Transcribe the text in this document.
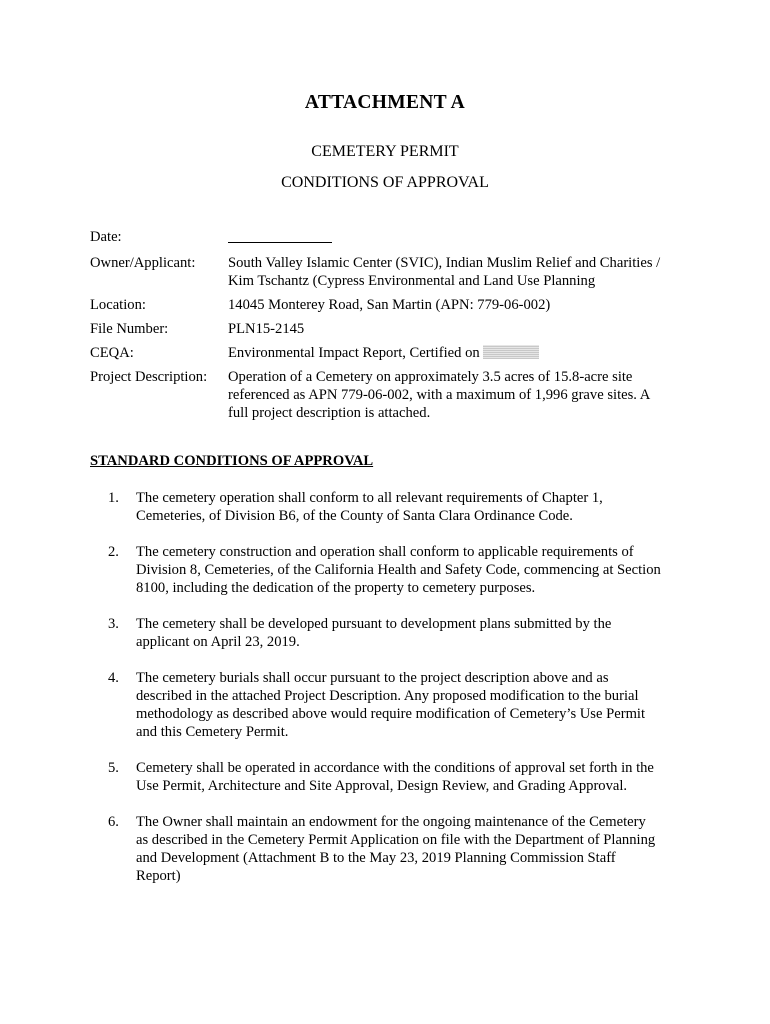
ATTACHMENT A
CEMETERY PERMIT
CONDITIONS OF APPROVAL
Date:
Owner/Applicant:	South Valley Islamic Center (SVIC), Indian Muslim Relief and Charities /
Kim Tschantz (Cypress Environmental and Land Use Planning
Location:	14045 Monterey Road, San Martin (APN: 779-06-002)
File Number:	PLN15-2145
CEQA:	Environmental Impact Report, Certified on
Project Description:	Operation of a Cemetery on approximately 3.5 acres of 15.8-acre site
referenced as APN 779-06-002, with a maximum of 1,996 grave sites. A
full project description is attached.
STANDARD CONDITIONS OF APPROVAL
1.	The cemetery operation shall conform to all relevant requirements of Chapter 1,
Cemeteries, of Division B6, of the County of Santa Clara Ordinance Code.
2.	The cemetery construction and operation shall conform to applicable requirements of
Division 8, Cemeteries, of the California Health and Safety Code, commencing at Section
8100, including the dedication of the property to cemetery purposes.
3.	The cemetery shall be developed pursuant to development plans submitted by the
applicant on April 23, 2019.
4.	The cemetery burials shall occur pursuant to the project description above and as
described in the attached Project Description. Any proposed modification to the burial
methodology as described above would require modification of Cemetery’s Use Permit
and this Cemetery Permit.
5.	Cemetery shall be operated in accordance with the conditions of approval set forth in the
Use Permit, Architecture and Site Approval, Design Review, and Grading Approval.
6.	The Owner shall maintain an endowment for the ongoing maintenance of the Cemetery
as described in the Cemetery Permit Application on file with the Department of Planning
and Development (Attachment B to the May 23, 2019 Planning Commission Staff
Report)
